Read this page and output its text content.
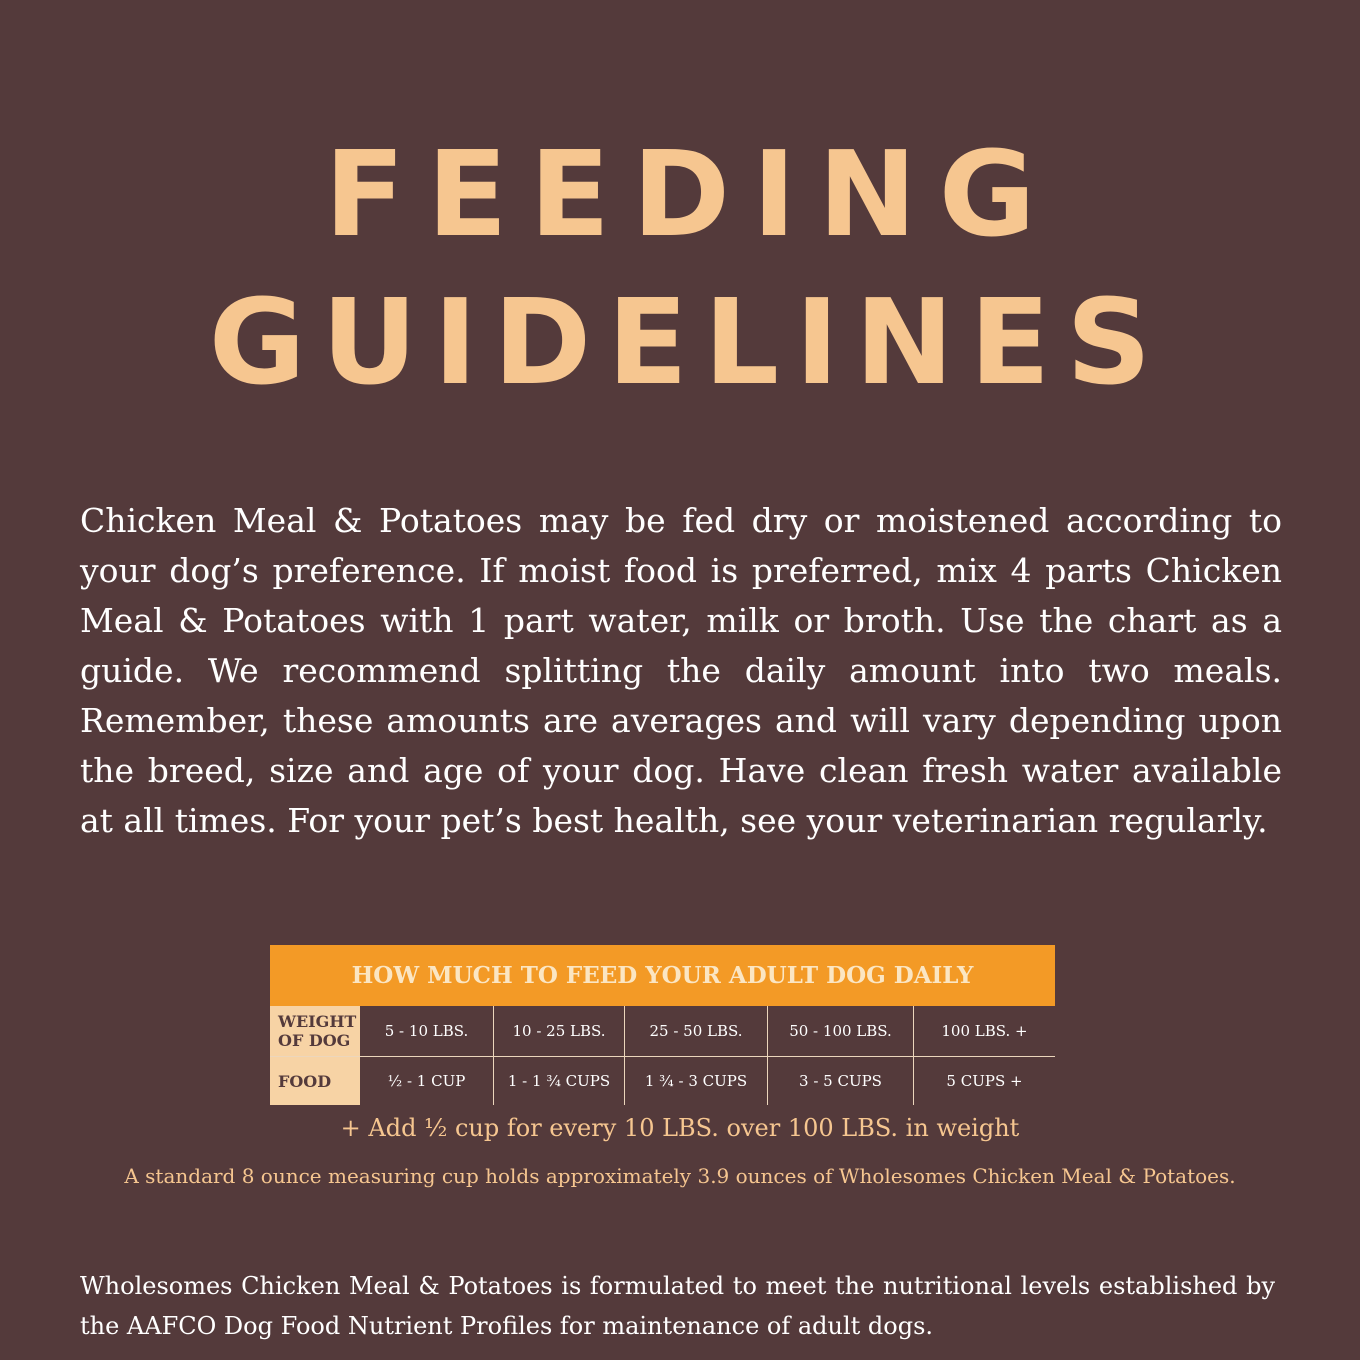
FEEDING
GUIDELINES

Chicken Meal & Potatoes may be fed dry or moistened according to your dog’s preference. If moist food is preferred, mix 4 parts Chicken Meal & Potatoes with 1 part water, milk or broth. Use the chart as a guide. We recommend splitting the daily amount into two meals. Remember, these amounts are averages and will vary depending upon the breed, size and age of your dog. Have clean fresh water available at all times. For your pet’s best health, see your veterinarian regularly.

HOW MUCH TO FEED YOUR ADULT DOG DAILY
WEIGHT OF DOG	5 - 10 LBS.	10 - 25 LBS.	25 - 50 LBS.	50 - 100 LBS.	100 LBS. +
FOOD	½ - 1 CUP	1 - 1 ¾ CUPS	1 ¾ - 3 CUPS	3 - 5 CUPS	5 CUPS +
+ Add ½ cup for every 10 LBS. over 100 LBS. in weight
A standard 8 ounce measuring cup holds approximately 3.9 ounces of Wholesomes Chicken Meal & Potatoes.

Wholesomes Chicken Meal & Potatoes is formulated to meet the nutritional levels established by the AAFCO Dog Food Nutrient Profiles for maintenance of adult dogs.
